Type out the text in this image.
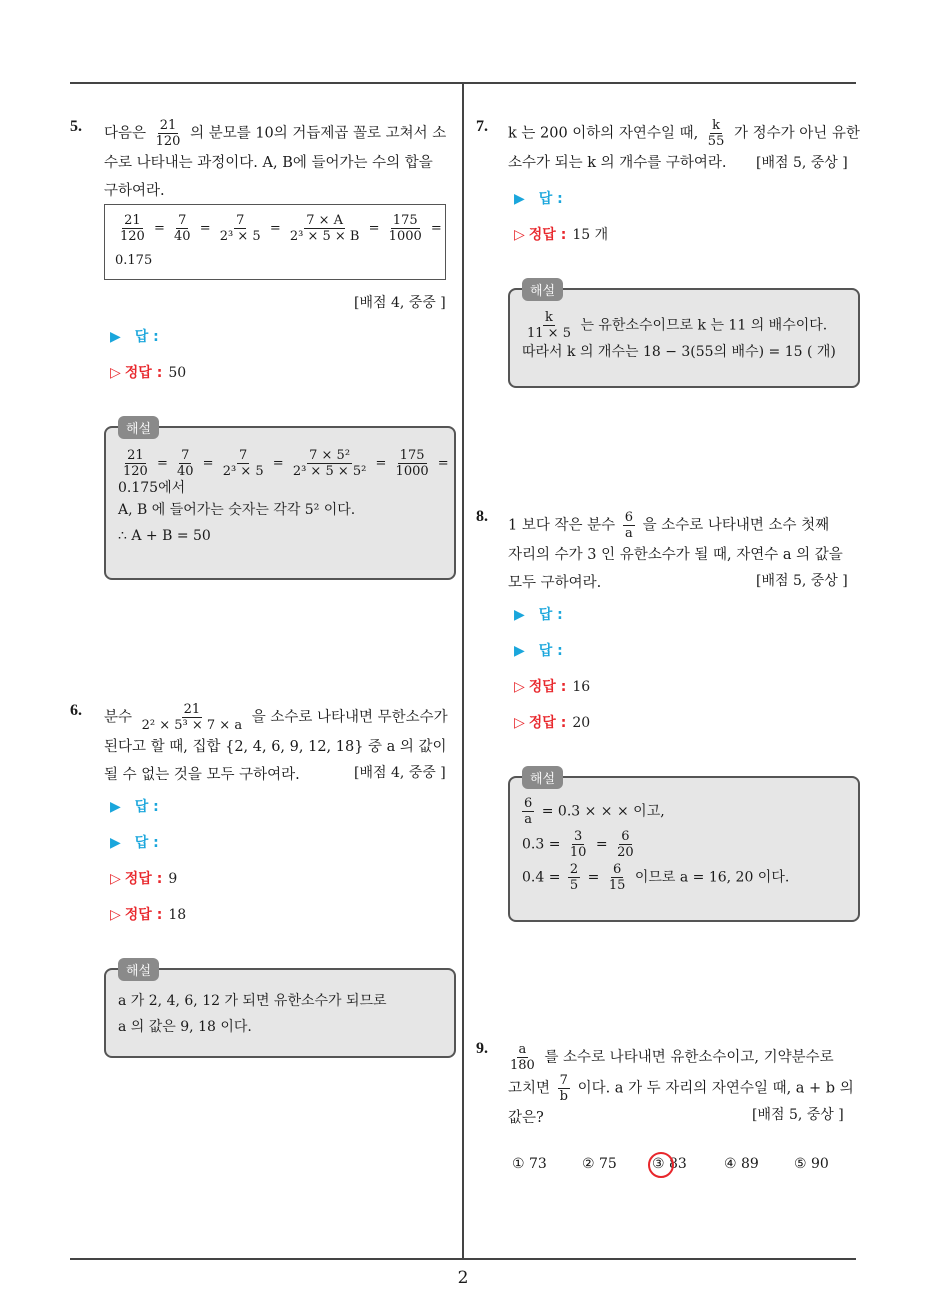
5. 다음은 $\frac{21}{120}$ 의 분모를 10의 거듭제곱 꼴로 고쳐서 소
수로 나타내는 과정이다. A, B에 들어가는 수의 합을
구하여라.
$\frac{21}{120} = \frac{7}{40} = \frac{7}{\text{2³ × 5}} = \frac{7 \times A}{\text{2³ × 5 × B}} = \frac{175}{1000}$ =
0.175
[배점 4, 중중 ]
▶ 답 :
▷ 정답 : 50
해설
$\frac{21}{120} = \frac{7}{40} = \frac{7}{\text{2³ × 5}} = \frac{\text{7 × 5²}}{\text{2³ × 5 × 5²}} = \frac{175}{1000}$ =
0.175에서
A, B 에 들어가는 숫자는 각각 5² 이다.
∴ A + B = 50
6. 분수 $\frac{21}{\text{2² × 5³ × 7 × a}}$ 을 소수로 나타내면 무한소수가
된다고 할 때, 집합 {2, 4, 6, 9, 12, 18} 중 a 의 값이
될 수 없는 것을 모두 구하여라.	[배점 4, 중중 ]
▶ 답 :
▶ 답 :
▷ 정답 : 9
▷ 정답 : 18
해설
a 가 2, 4, 6, 12 가 되면 유한소수가 되므로
a 의 값은 9, 18 이다.
7. k 는 200 이하의 자연수일 때, $\frac{k}{55}$ 가 정수가 아닌 유한
소수가 되는 k 의 개수를 구하여라.	[배점 5, 중상 ]
▶ 답 :
▷ 정답 : 15 개
해설
$\frac{k}{11 \times 5}$ 는 유한소수이므로 k 는 11 의 배수이다.
따라서 k 의 개수는 18 − 3(55의 배수) = 15 ( 개)
8.
1 보다 작은 분수 $\frac{6}{a}$ 을 소수로 나타내면 소수 첫째
자리의 수가 3 인 유한소수가 될 때, 자연수 a 의 값을
모두 구하여라.	[배점 5, 중상 ]
▶ 답 :
▶ 답 :
▷ 정답 : 16
▷ 정답 : 20
해설
$\frac{6}{a} = 0.3$ × × × 이고,
$0.3 = \frac{3}{10} = \frac{6}{20}$
$0.4 = \frac{2}{5} = \frac{6}{15}$ 이므로 a = 16, 20 이다.
9. $\frac{a}{180}$ 를 소수로 나타내면 유한소수이고, 기약분수로
고치면 $\frac{7}{b}$ 이다. a 가 두 자리의 자연수일 때, a + b 의
값은?	[배점 5, 중상 ]
① 73	② 75	③ 83	④ 89	⑤ 90
2
